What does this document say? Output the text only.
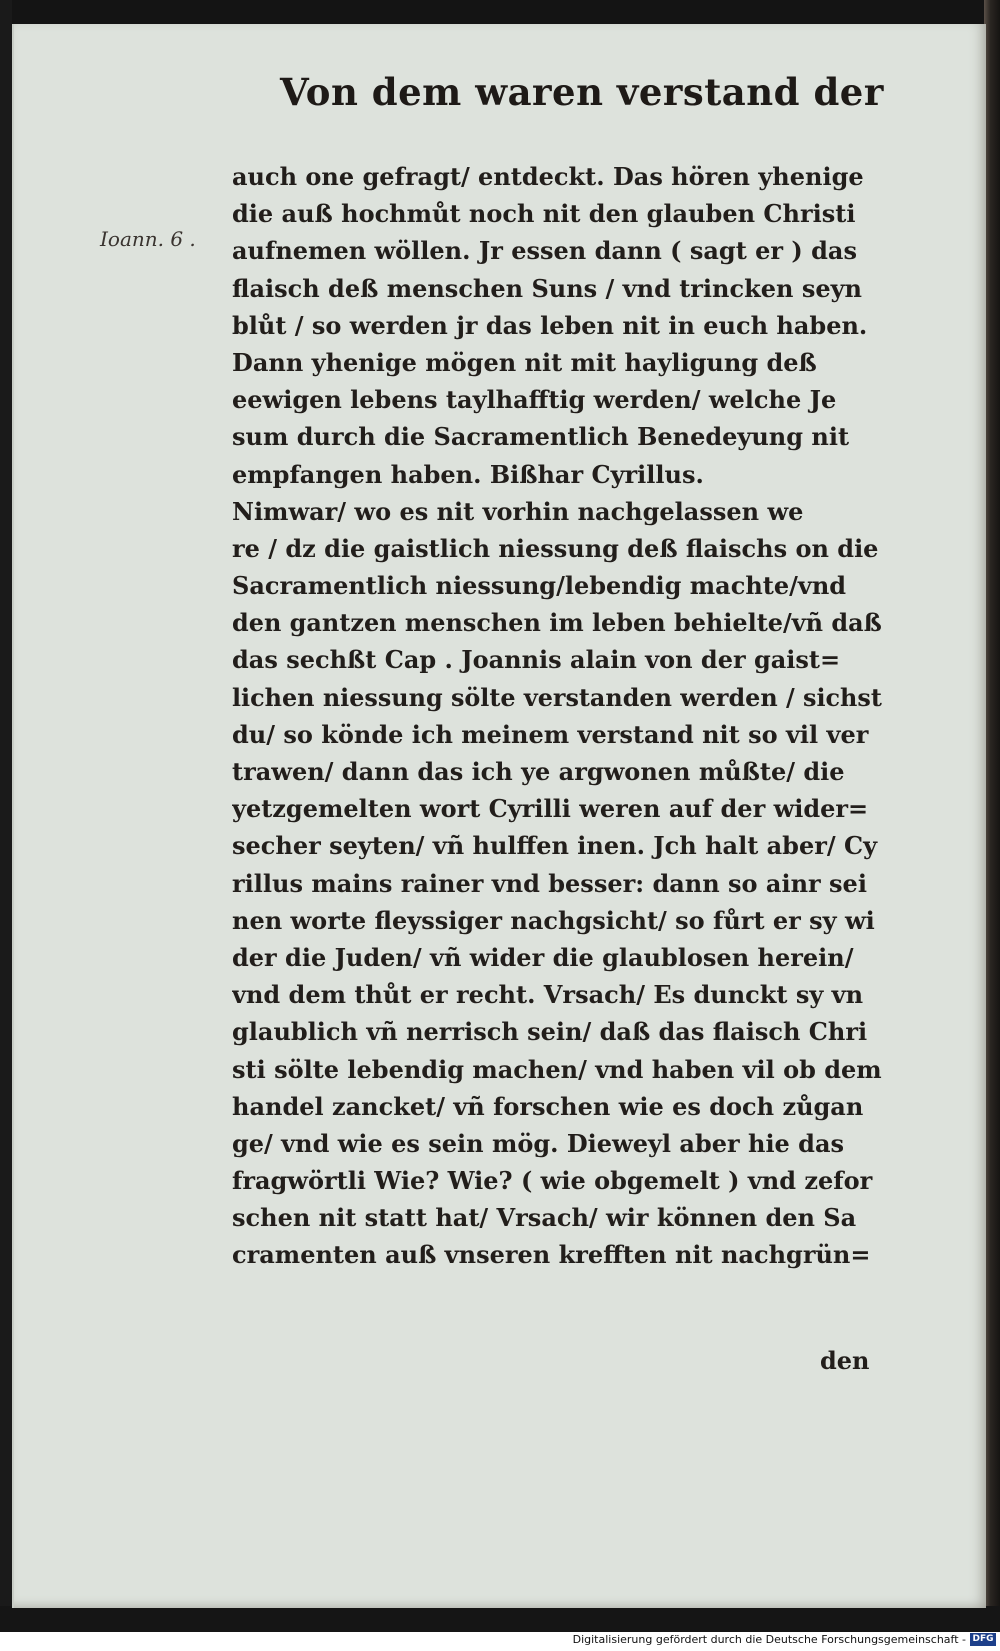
Von dem waren verstand der
Ioann. 6 .
auch one gefragt/ entdeckt. Das hören yhenige
die auß hochmůt noch nit den glauben Christi
aufnemen wöllen. Jr essen dann ( sagt er ) das
flaisch deß menschen Suns / vnd trincken seyn
blůt / so werden jr das leben nit in euch haben.
Dann yhenige mögen nit mit hayligung deß
eewigen lebens taylhafftig werden/ welche Je
sum durch die Sacramentlich Benedeyung nit
empfangen haben. Bißhar Cyrillus.
Nimwar/ wo es nit vorhin nachgelassen we
re / dz die gaistlich niessung deß flaischs on die
Sacramentlich niessung/lebendig machte/vnd
den gantzen menschen im leben behielte/vñ daß
das sechßt Cap . Joannis alain von der gaist=
lichen niessung sölte verstanden werden / sichst
du/ so köndе ich meinem verstand nit so vil ver
trawen/ dann das ich ye argwonen můßte/ die
yetzgemelten wort Cyrilli weren auf der wider=
secher seyten/ vñ hulffen inen. Jch halt aber/ Cy
rillus mains rainer vnd besser: dann so ainr sei
nen worte fleyssiger nachgsicht/ so fůrt er sy wi
der die Juden/ vñ wider die glaublosen herein/
vnd dem thůt er recht. Vrsach/ Es dunckt sy vn
glaublich vñ nerrisch sein/ daß das flaisch Chri
sti sölte lebendig machen/ vnd haben vil ob dem
handel zancket/ vñ forschen wie es doch zůgan
ge/ vnd wie es sein mög. Dieweyl aber hie das
fragwörtli Wie? Wie? ( wie obgemelt ) vnd zefor
schen nit statt hat/ Vrsach/ wir können den Sa
cramenten auß vnseren krefften nit nachgrün=
den
Digitalisierung gefördert durch die Deutsche Forschungsgemeinschaft - DFG
